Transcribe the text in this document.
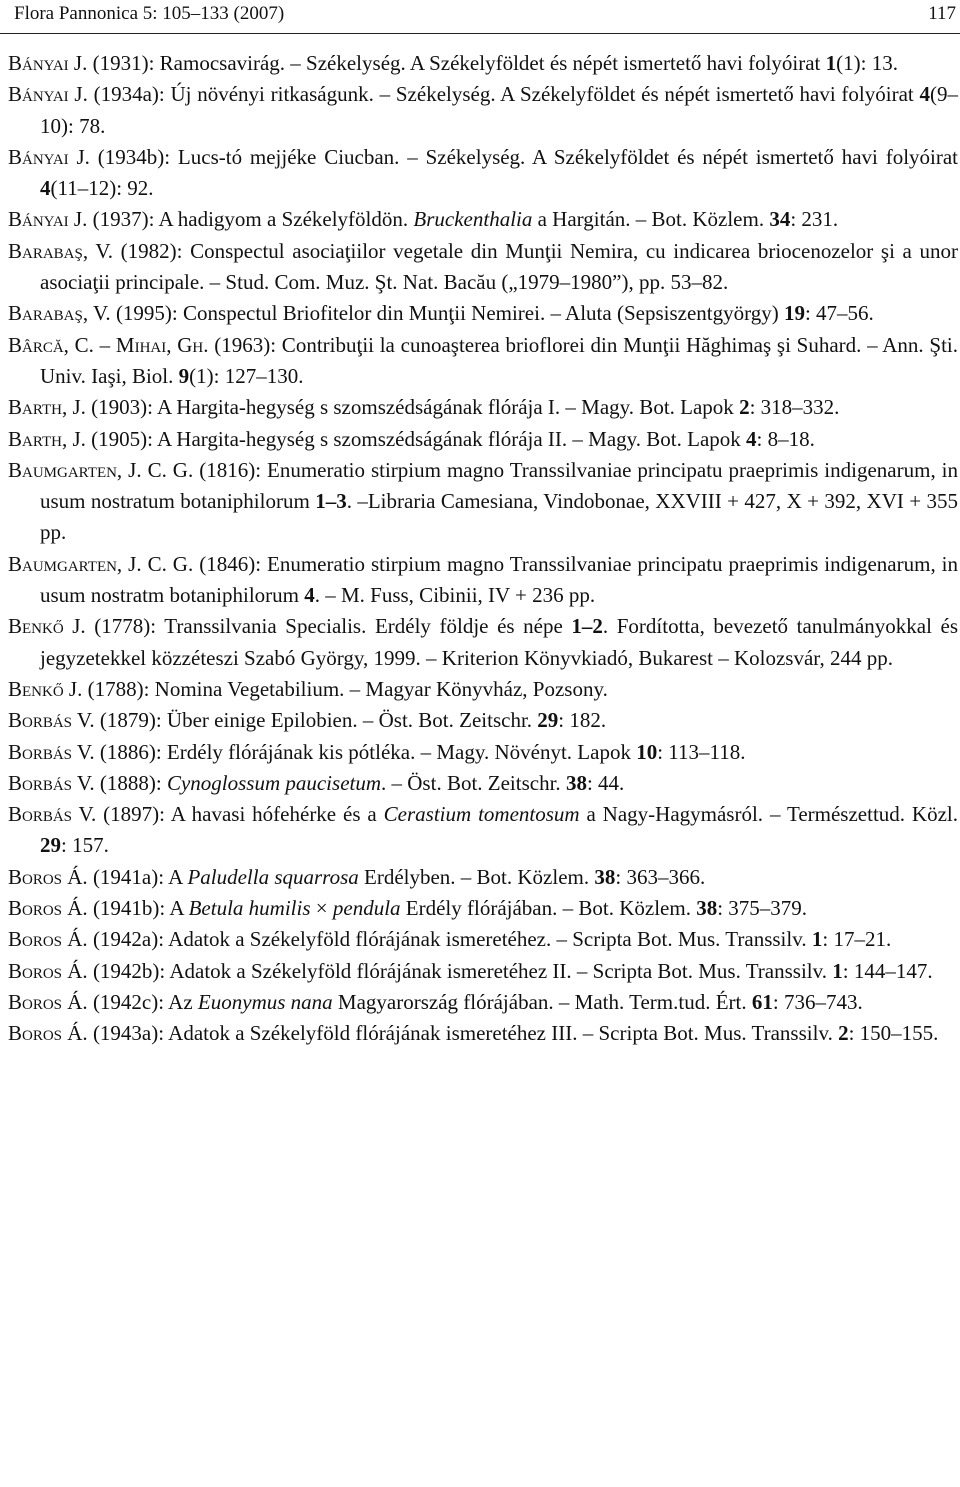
Flora Pannonica 5: 105–133 (2007)	117
Bányai J. (1931): Ramocsavirág. – Székelység. A Székelyföldet és népét ismertető havi folyóirat 1(1): 13.
Bányai J. (1934a): Új növényi ritkaságunk. – Székelység. A Székelyföldet és népét ismertető havi folyóirat 4(9–10): 78.
Bányai J. (1934b): Lucs-tó mejjéke Ciucban. – Székelység. A Székelyföldet és népét ismertető havi folyóirat 4(11–12): 92.
Bányai J. (1937): A hadigyom a Székelyföldön. Bruckenthalia a Hargitán. – Bot. Közlem. 34: 231.
Barabaş, V. (1982): Conspectul asociaţiilor vegetale din Munţii Nemira, cu indicarea briocenozelor şi a unor asociaţii principale. – Stud. Com. Muz. Şt. Nat. Bacău („1979–1980”), pp. 53–82.
Barabaş, V. (1995): Conspectul Briofitelor din Munţii Nemirei. – Aluta (Sepsiszentgyörgy) 19: 47–56.
Bârcă, C. – Mihai, Gh. (1963): Contribuţii la cunoaşterea brioflorei din Munţii Hăghimaş şi Suhard. – Ann. Şti. Univ. Iaşi, Biol. 9(1): 127–130.
Barth, J. (1903): A Hargita-hegység s szomszédságának flórája I. – Magy. Bot. Lapok 2: 318–332.
Barth, J. (1905): A Hargita-hegység s szomszédságának flórája II. – Magy. Bot. Lapok 4: 8–18.
Baumgarten, J. C. G. (1816): Enumeratio stirpium magno Transsilvaniae principatu praeprimis indigenarum, in usum nostratum botaniphilorum 1–3. –Libraria Camesiana, Vindobonae, XXVIII + 427, X + 392, XVI + 355 pp.
Baumgarten, J. C. G. (1846): Enumeratio stirpium magno Transsilvaniae principatu praeprimis indigenarum, in usum nostratm botaniphilorum 4. – M. Fuss, Cibinii, IV + 236 pp.
Benkő J. (1778): Transsilvania Specialis. Erdély földje és népe 1–2. Fordította, bevezető tanulmányokkal és jegyzetekkel közzéteszi Szabó György, 1999. – Kriterion Könyvkiadó, Bukarest – Kolozsvár, 244 pp.
Benkő J. (1788): Nomina Vegetabilium. – Magyar Könyvház, Pozsony.
Borbás V. (1879): Über einige Epilobien. – Öst. Bot. Zeitschr. 29: 182.
Borbás V. (1886): Erdély flórájának kis pótléka. – Magy. Növényt. Lapok 10: 113–118.
Borbás V. (1888): Cynoglossum paucisetum. – Öst. Bot. Zeitschr. 38: 44.
Borbás V. (1897): A havasi hófehérke és a Cerastium tomentosum a Nagy-Hagymásról. – Természettud. Közl. 29: 157.
Boros Á. (1941a): A Paludella squarrosa Erdélyben. – Bot. Közlem. 38: 363–366.
Boros Á. (1941b): A Betula humilis × pendula Erdély flórájában. – Bot. Közlem. 38: 375–379.
Boros Á. (1942a): Adatok a Székelyföld flórájának ismeretéhez. – Scripta Bot. Mus. Transsilv. 1: 17–21.
Boros Á. (1942b): Adatok a Székelyföld flórájának ismeretéhez II. – Scripta Bot. Mus. Transsilv. 1: 144–147.
Boros Á. (1942c): Az Euonymus nana Magyarország flórájában. – Math. Term.tud. Ért. 61: 736–743.
Boros Á. (1943a): Adatok a Székelyföld flórájának ismeretéhez III. – Scripta Bot. Mus. Transsilv. 2: 150–155.
